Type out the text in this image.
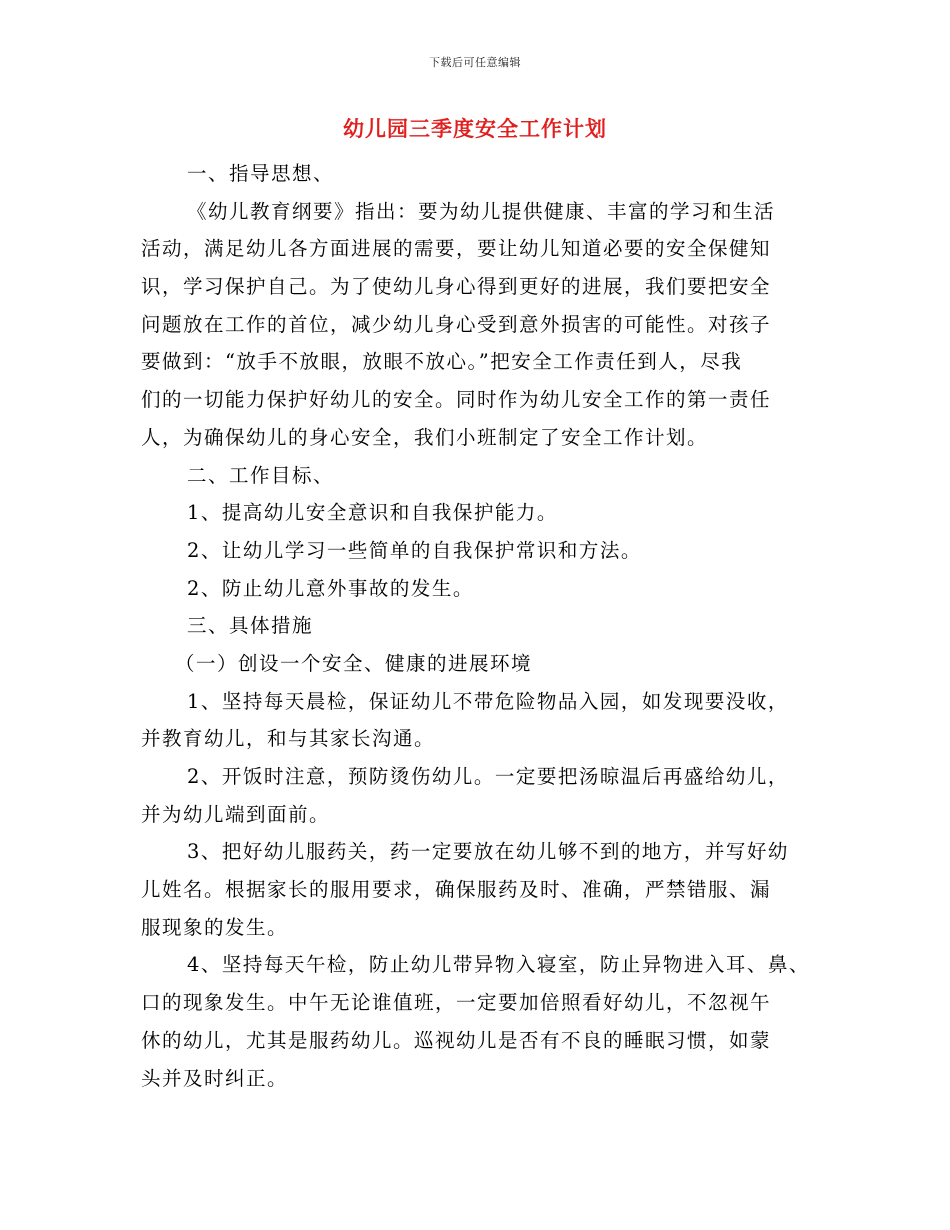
下载后可任意编辑
幼儿园三季度安全工作计划
一、指导思想、
《幼儿教育纲要》指出：要为幼儿提供健康、丰富的学习和生活
活动，满足幼儿各方面进展的需要，要让幼儿知道必要的安全保健知
识，学习保护自己。为了使幼儿身心得到更好的进展，我们要把安全
问题放在工作的首位，减少幼儿身心受到意外损害的可能性。对孩子
要做到：“放手不放眼，放眼不放心。”把安全工作责任到人，尽我
们的一切能力保护好幼儿的安全。同时作为幼儿安全工作的第一责任
人，为确保幼儿的身心安全，我们小班制定了安全工作计划。
二、工作目标、
1、提高幼儿安全意识和自我保护能力。
2、让幼儿学习一些简单的自我保护常识和方法。
2、防止幼儿意外事故的发生。
三、具体措施
（一）创设一个安全、健康的进展环境
1、坚持每天晨检，保证幼儿不带危险物品入园，如发现要没收，
并教育幼儿，和与其家长沟通。
2、开饭时注意，预防烫伤幼儿。一定要把汤晾温后再盛给幼儿，
并为幼儿端到面前。
3、把好幼儿服药关，药一定要放在幼儿够不到的地方，并写好幼
儿姓名。根据家长的服用要求，确保服药及时、准确，严禁错服、漏
服现象的发生。
4、坚持每天午检，防止幼儿带异物入寝室，防止异物进入耳、鼻、
口的现象发生。中午无论谁值班，一定要加倍照看好幼儿，不忽视午
休的幼儿，尤其是服药幼儿。巡视幼儿是否有不良的睡眠习惯，如蒙
头并及时纠正。
